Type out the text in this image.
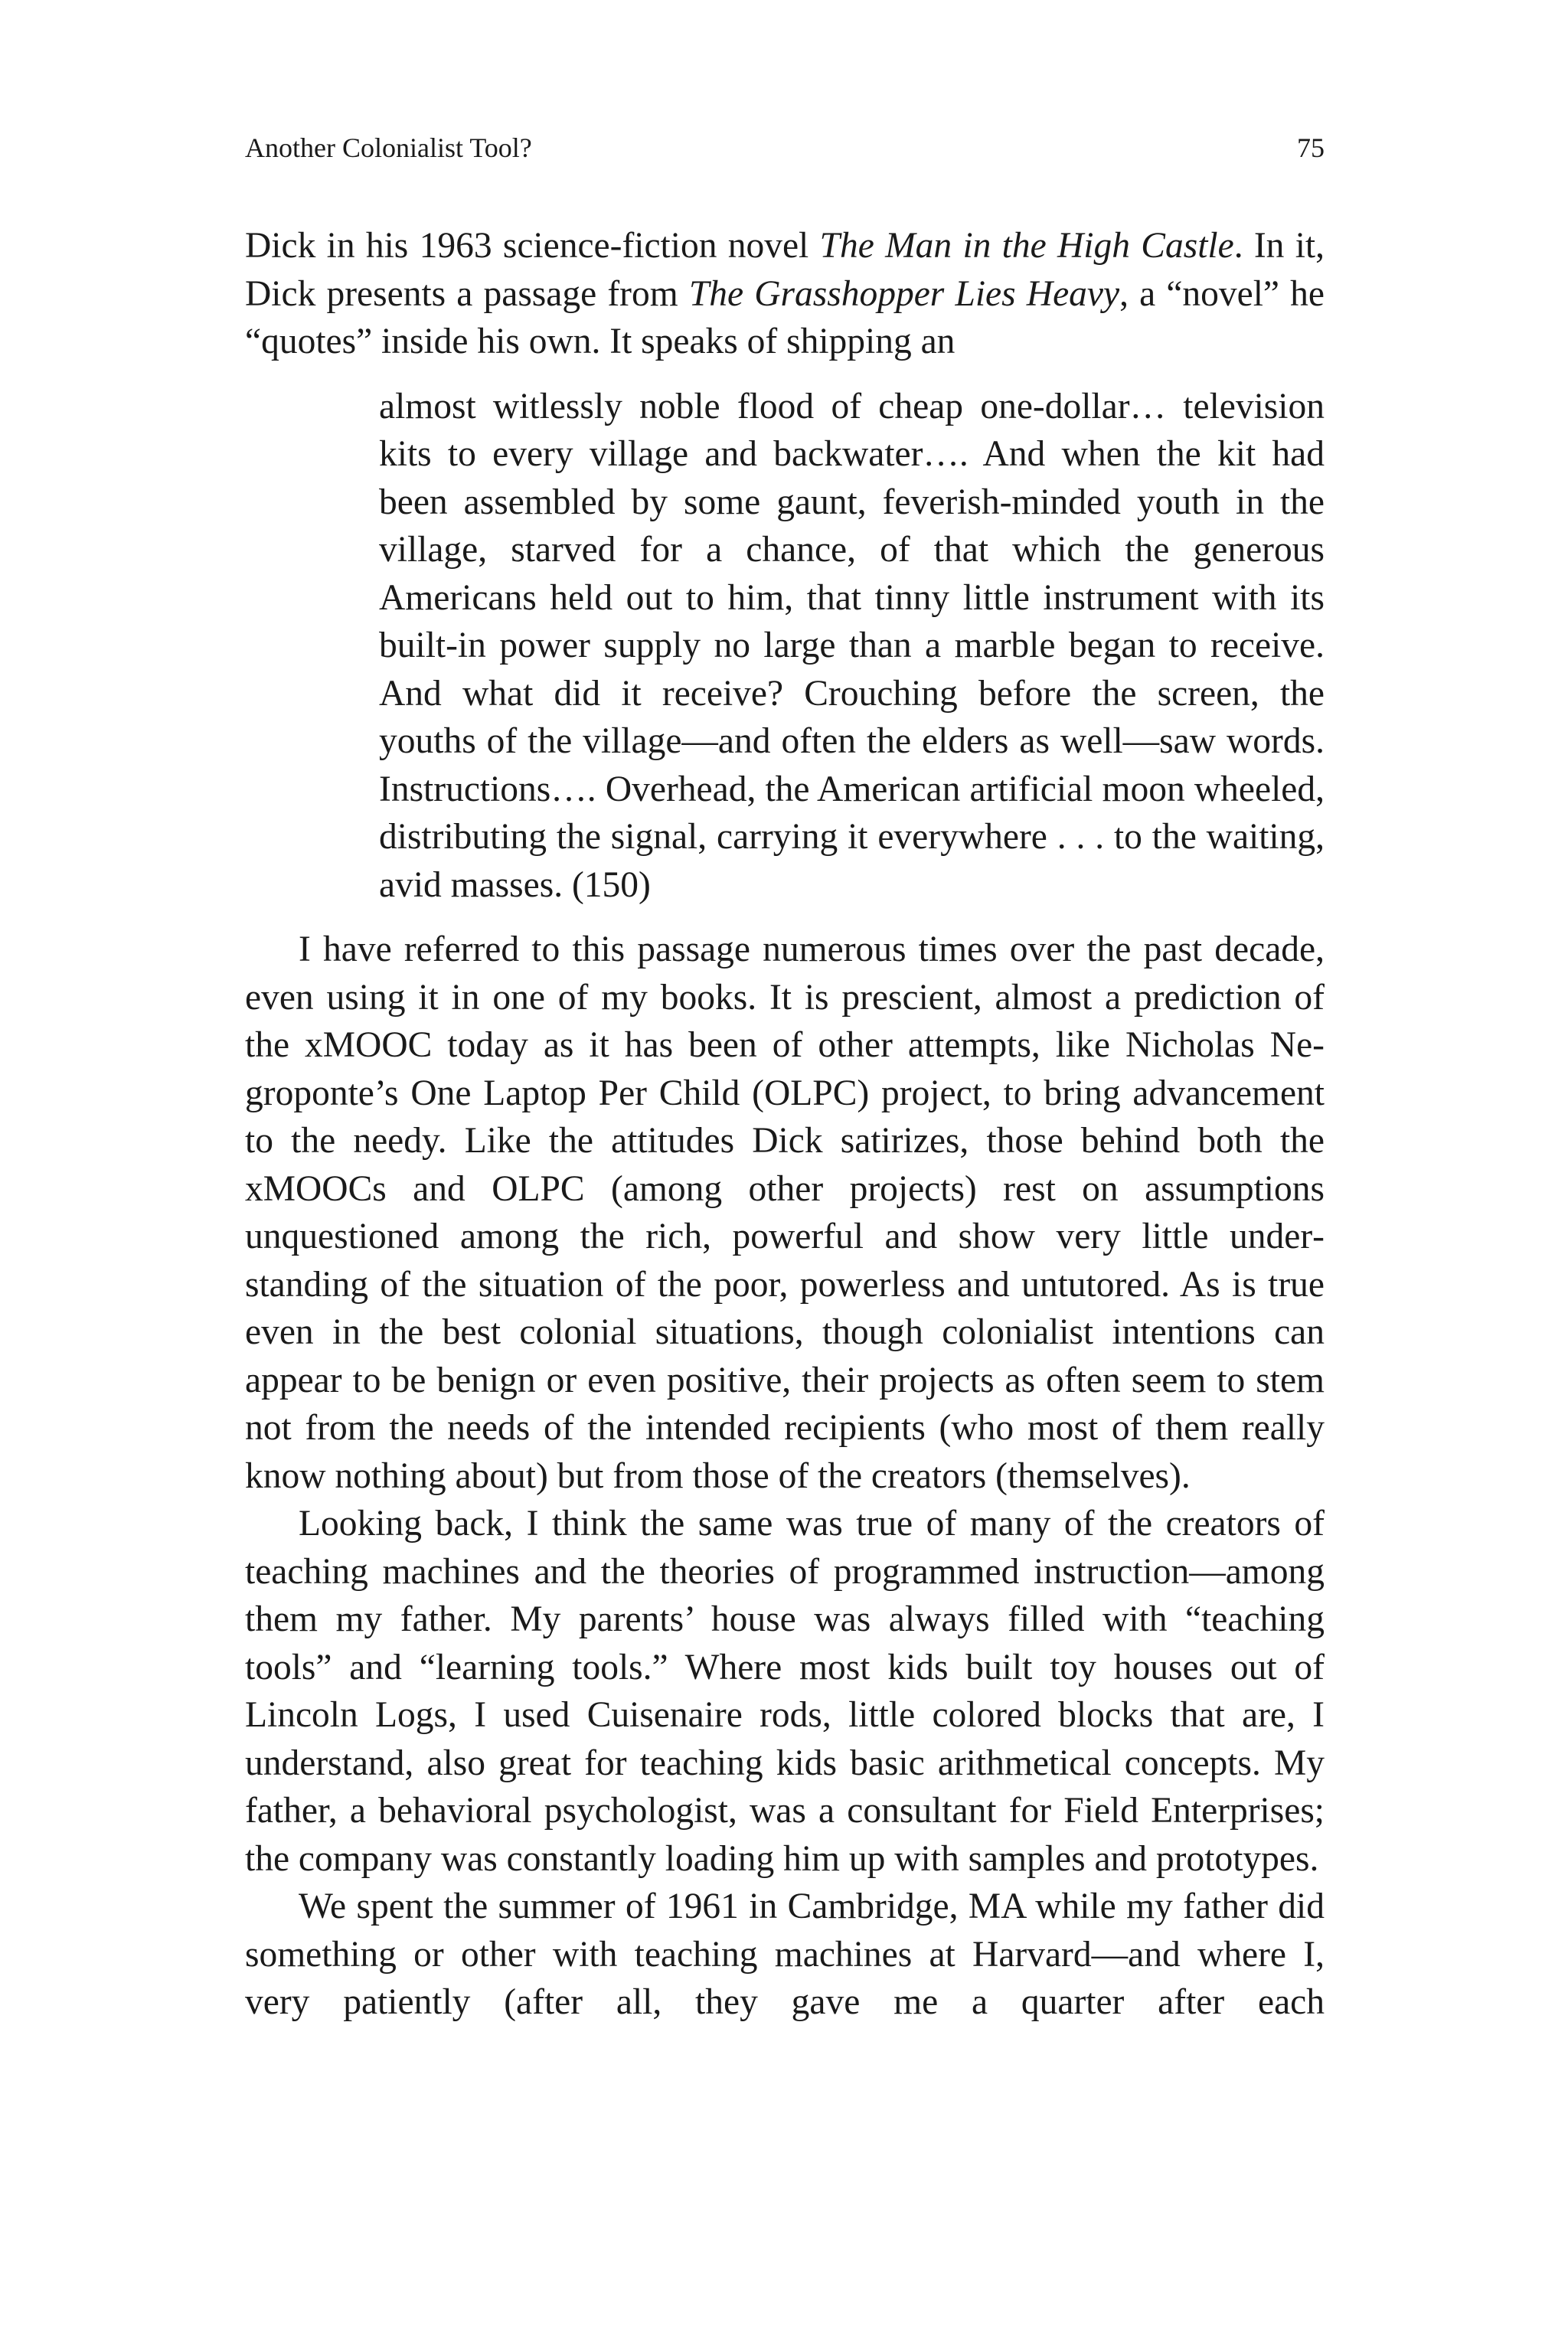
Another Colonialist Tool?	75

Dick in his 1963 science-fiction novel The Man in the High Castle. In it, Dick presents a passage from The Grasshopper Lies Heavy, a “novel” he “quotes” inside his own. It speaks of shipping an

almost witlessly noble flood of cheap one-dollar… television kits to every village and backwater…. And when the kit had been assembled by some gaunt, feverish-minded youth in the village, starved for a chance, of that which the generous Americans held out to him, that tinny little instrument with its built-in power supply no large than a marble began to receive. And what did it receive? Crouching before the screen, the youths of the village—and often the elders as well—saw words. Instructions…. Overhead, the American artificial moon wheeled, distributing the signal, carrying it everywhere . . . to the waiting, avid masses. (150)

I have referred to this passage numerous times over the past decade, even using it in one of my books. It is prescient, almost a prediction of the xMOOC today as it has been of other attempts, like Nicholas Negroponte’s One Laptop Per Child (OLPC) project, to bring advancement to the needy. Like the attitudes Dick satirizes, those behind both the xMOOCs and OLPC (among other projects) rest on assumptions unquestioned among the rich, powerful and show very little understanding of the situation of the poor, powerless and untutored. As is true even in the best colonial situations, though colonialist intentions can appear to be benign or even positive, their projects as often seem to stem not from the needs of the intended recipients (who most of them really know nothing about) but from those of the creators (themselves).

Looking back, I think the same was true of many of the creators of teaching machines and the theories of programmed instruction—among them my father. My parents’ house was always filled with “teaching tools” and “learning tools.” Where most kids built toy houses out of Lincoln Logs, I used Cuisenaire rods, little colored blocks that are, I understand, also great for teaching kids basic arithmetical concepts. My father, a behavioral psychologist, was a consultant for Field Enterprises; the company was constantly loading him up with samples and prototypes.

We spent the summer of 1961 in Cambridge, MA while my father did something or other with teaching machines at Harvard—and where I, very patiently (after all, they gave me a quarter after each
